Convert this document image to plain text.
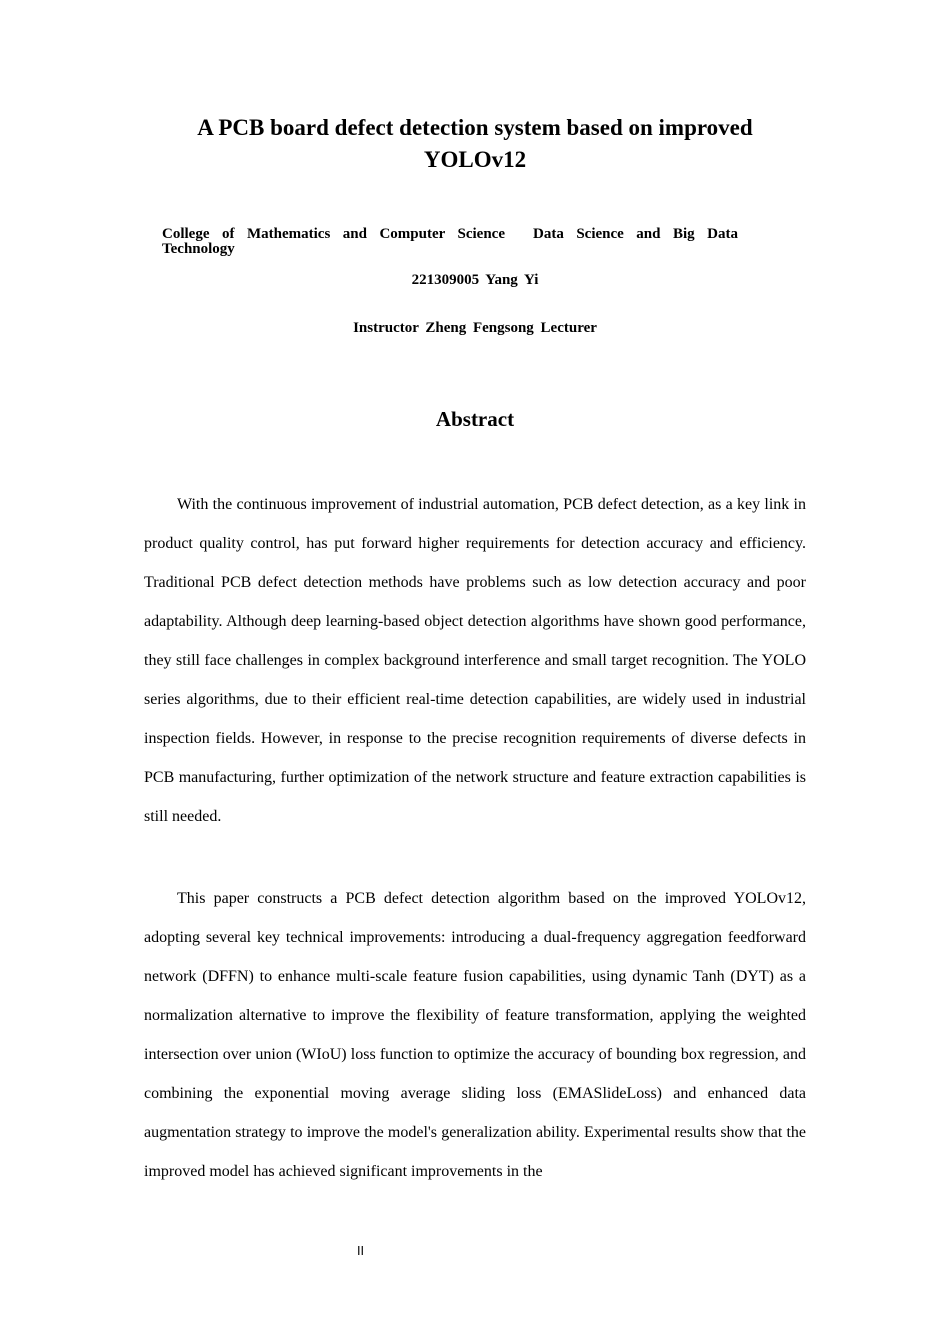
A PCB board defect detection system based on improved YOLOv12
College of Mathematics and Computer Science Data Science and Big Data Technology
221309005 Yang Yi
Instructor Zheng Fengsong Lecturer
Abstract

With the continuous improvement of industrial automation, PCB defect detection, as a key link in product quality control, has put forward higher requirements for detection accuracy and efficiency. Traditional PCB defect detection methods have problems such as low detection accuracy and poor adaptability. Although deep learning-based object detection algorithms have shown good performance, they still face challenges in complex background interference and small target recognition. The YOLO series algorithms, due to their efficient real-time detection capabilities, are widely used in industrial inspection fields. However, in response to the precise recognition requirements of diverse defects in PCB manufacturing, further optimization of the network structure and feature extraction capabilities is still needed.

This paper constructs a PCB defect detection algorithm based on the improved YOLOv12, adopting several key technical improvements: introducing a dual-frequency aggregation feedforward network (DFFN) to enhance multi-scale feature fusion capabilities, using dynamic Tanh (DYT) as a normalization alternative to improve the flexibility of feature transformation, applying the weighted intersection over union (WIoU) loss function to optimize the accuracy of bounding box regression, and combining the exponential moving average sliding loss (EMASlideLoss) and enhanced data augmentation strategy to improve the model's generalization ability. Experimental results show that the improved model has achieved significant improvements in the

II
